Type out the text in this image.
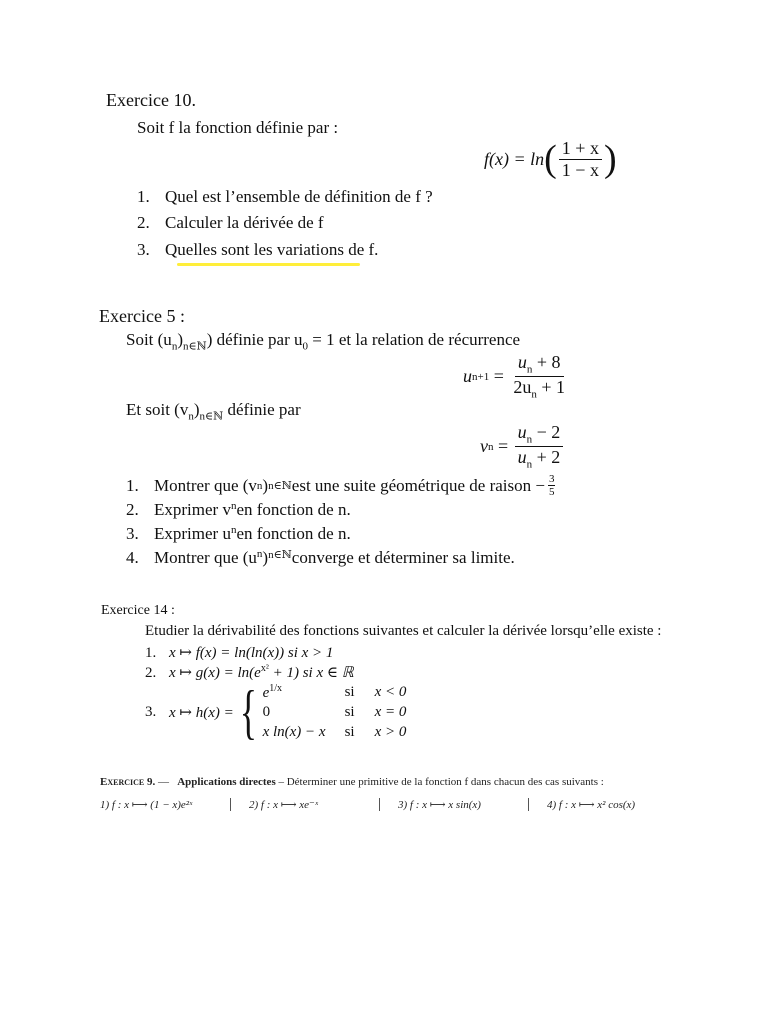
Exercice 10.
Soit f la fonction définie par :
f(x) = ln ( $\frac{1 + x}{1 - x}$ )
1. Quel est l’ensemble de définition de f ?
2. Calculer la dérivée de f
3. Quelles sont les variations de f.
Exercice 5 :
Soit $(u_n)_{n\in ℕ}$) définie par $u_0 = 1$ et la relation de récurrence
u $n+1 = \frac{u_n + 8}{2u_n + 1}$
Et soit $(v_n)_{n\in ℕ}$ définie par
v $n = \frac{u_n - 2}{u_n + 2}$
1. Montrer que (v n ) n∈ℕ est une suite géométrique de raison − $\frac{3}{5}$
2. Exprimer v n en fonction de n.
3. Exprimer u n en fonction de n.
4. Montrer que (u n ) n∈ℕ converge et déterminer sa limite.
Exercice 14 :
Etudier la dérivabilité des fonctions suivantes et calculer la dérivée lorsqu’elle existe :
1. x ↦ f(x) = ln(ln(x)) si x > 1
2. x ↦ $g(x) = \ln(e^{x^2} + 1)$ si x ∈ ℝ
3. x ↦ h(x) = { $e^{1/x}$	si	x < 0
0	si	x = 0
x ln(x) − x	si	x > 0
Exercice 9. — Applications directes – Déterminer une primitive de la fonction f dans chacun des cas suivants :
1) f : x ⟼ (1 − x)e²ˣ	2) f : x ⟼ xe⁻ˣ	3) f : x ⟼ x sin(x)	4) f : x ⟼ x² cos(x)
